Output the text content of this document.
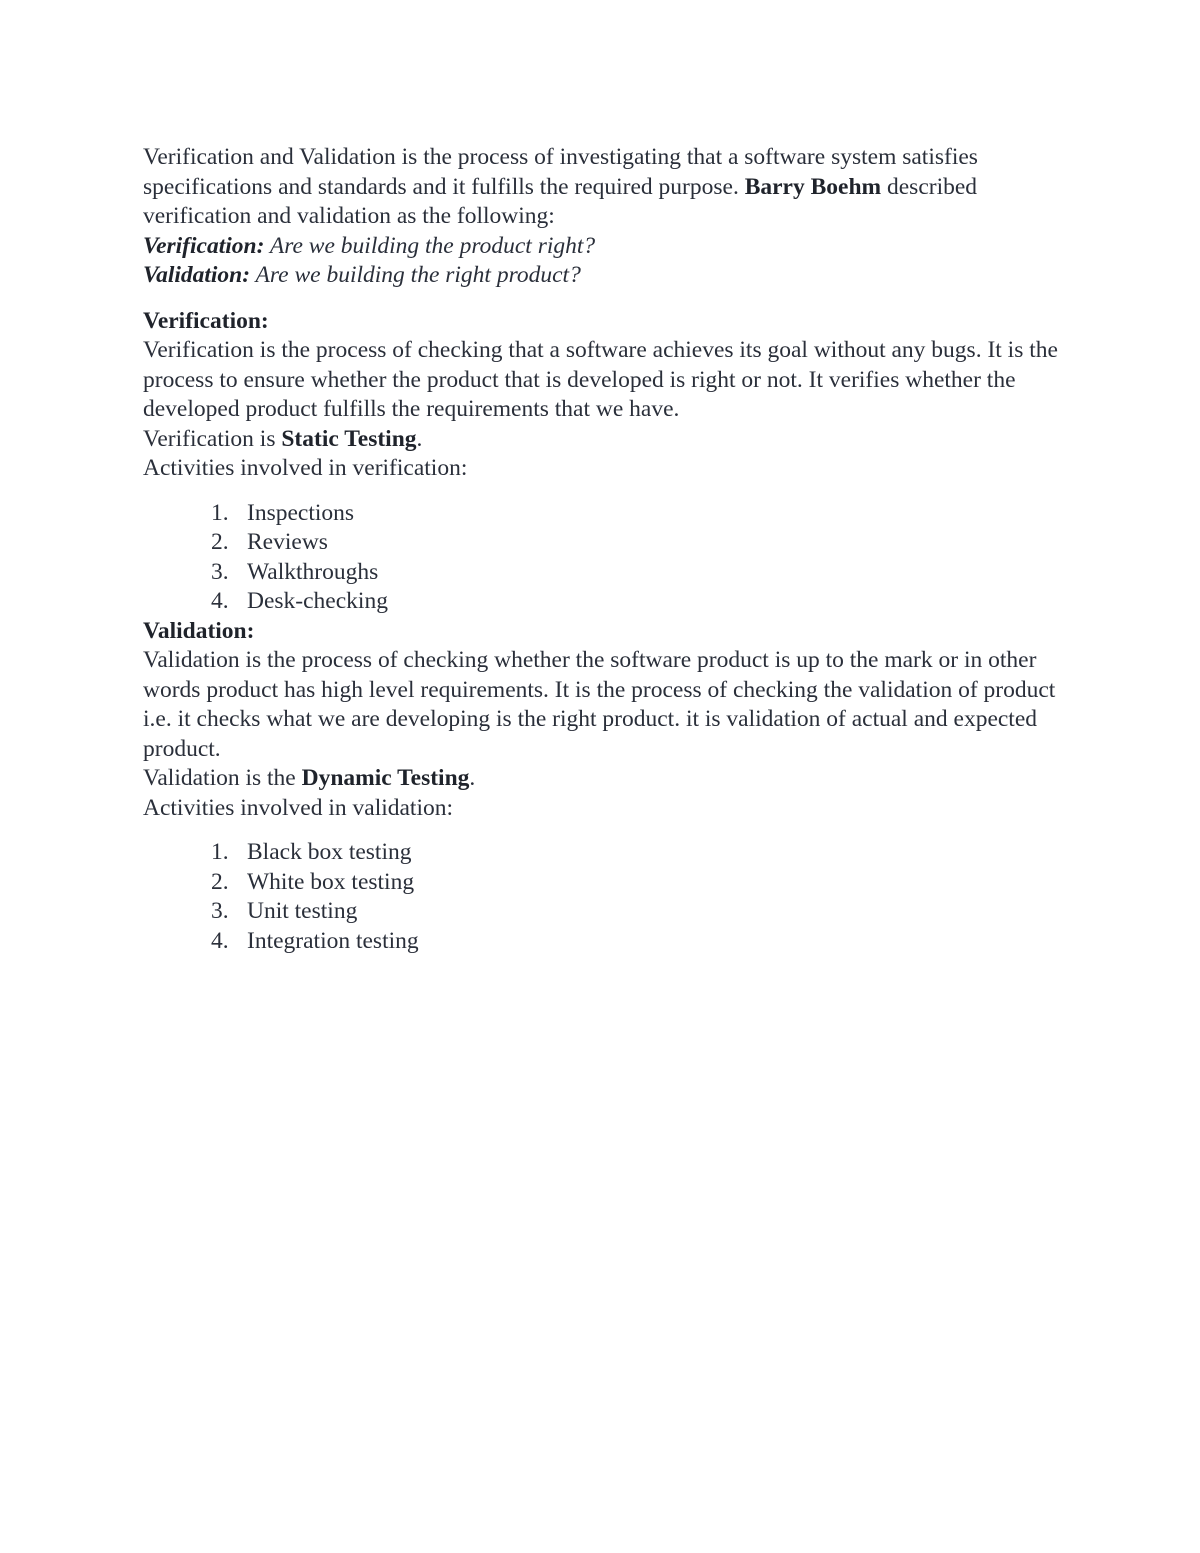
Verification and Validation is the process of investigating that a software system satisfies specifications and standards and it fulfills the required purpose. Barry Boehm described verification and validation as the following:

Verification: Are we building the product right?

Validation: Are we building the right product?

Verification:

Verification is the process of checking that a software achieves its goal without any bugs. It is the process to ensure whether the product that is developed is right or not. It verifies whether the developed product fulfills the requirements that we have.

Verification is Static Testing.

Activities involved in verification:

1. Inspections
2. Reviews
3. Walkthroughs
4. Desk-checking

Validation:

Validation is the process of checking whether the software product is up to the mark or in other words product has high level requirements. It is the process of checking the validation of product i.e. it checks what we are developing is the right product. it is validation of actual and expected product.

Validation is the Dynamic Testing.

Activities involved in validation:

1. Black box testing
2. White box testing
3. Unit testing
4. Integration testing
